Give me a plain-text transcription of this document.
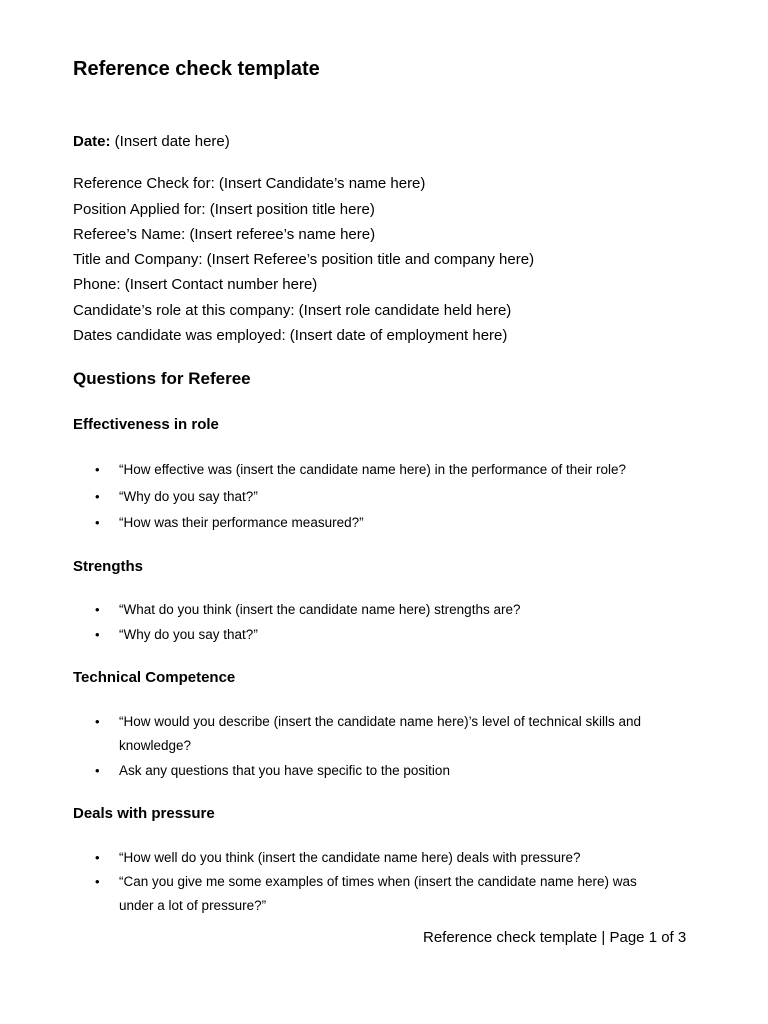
Reference check template

Date: (Insert date here)

Reference Check for: (Insert Candidate’s name here)

Position Applied for: (Insert position title here)

Referee’s Name: (Insert referee’s name here)

Title and Company: (Insert Referee’s position title and company here)

Phone: (Insert Contact number here)

Candidate’s role at this company: (Insert role candidate held here)

Dates candidate was employed: (Insert date of employment here)

Questions for Referee
Effectiveness in role
•	“How effective was (insert the candidate name here) in the performance of their role?
•	“Why do you say that?”
•	“How was their performance measured?”
Strengths
•	“What do you think (insert the candidate name here) strengths are?
•	“Why do you say that?”
Technical Competence
•	“How would you describe (insert the candidate name here)’s level of technical skills and knowledge?
•	Ask any questions that you have specific to the position
Deals with pressure
•	“How well do you think (insert the candidate name here) deals with pressure?
•	“Can you give me some examples of times when (insert the candidate name here) was under a lot of pressure?”

Reference check template | Page 1 of 3
